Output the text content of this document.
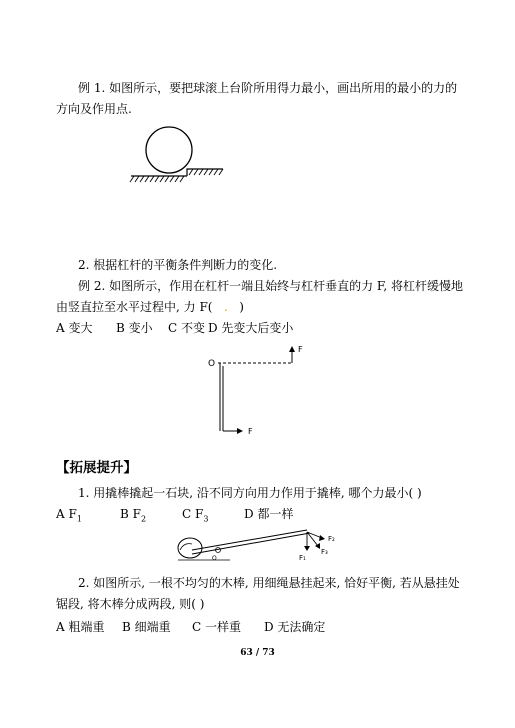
例 1. 如图所示，要把球滚上台阶所用得力最小，画出所用的最小的力的
方向及作用点.
2. 根据杠杆的平衡条件判断力的变化.
例 2. 如图所示，作用在杠杆一端且始终与杠杆垂直的力 F, 将杠杆缓慢地
由竖直拉至水平过程中, 力 F( . )
A 变大 B 变小 C 不变 D 先变大后变小
O
F
F
【拓展提升】
1. 用撬棒撬起一石块, 沿不同方向用力作用于撬棒, 哪个力最小( )
A $F_1$	B $F_2$	C $F_3$	D 都一样
O	F₁
F₂
F₃
2. 如图所示, 一根不均匀的木棒, 用细绳悬挂起来, 恰好平衡, 若从悬挂处
锯段, 将木棒分成两段, 则( )
A 粗端重 B 细端重 C 一样重 D 无法确定
63 / 73
